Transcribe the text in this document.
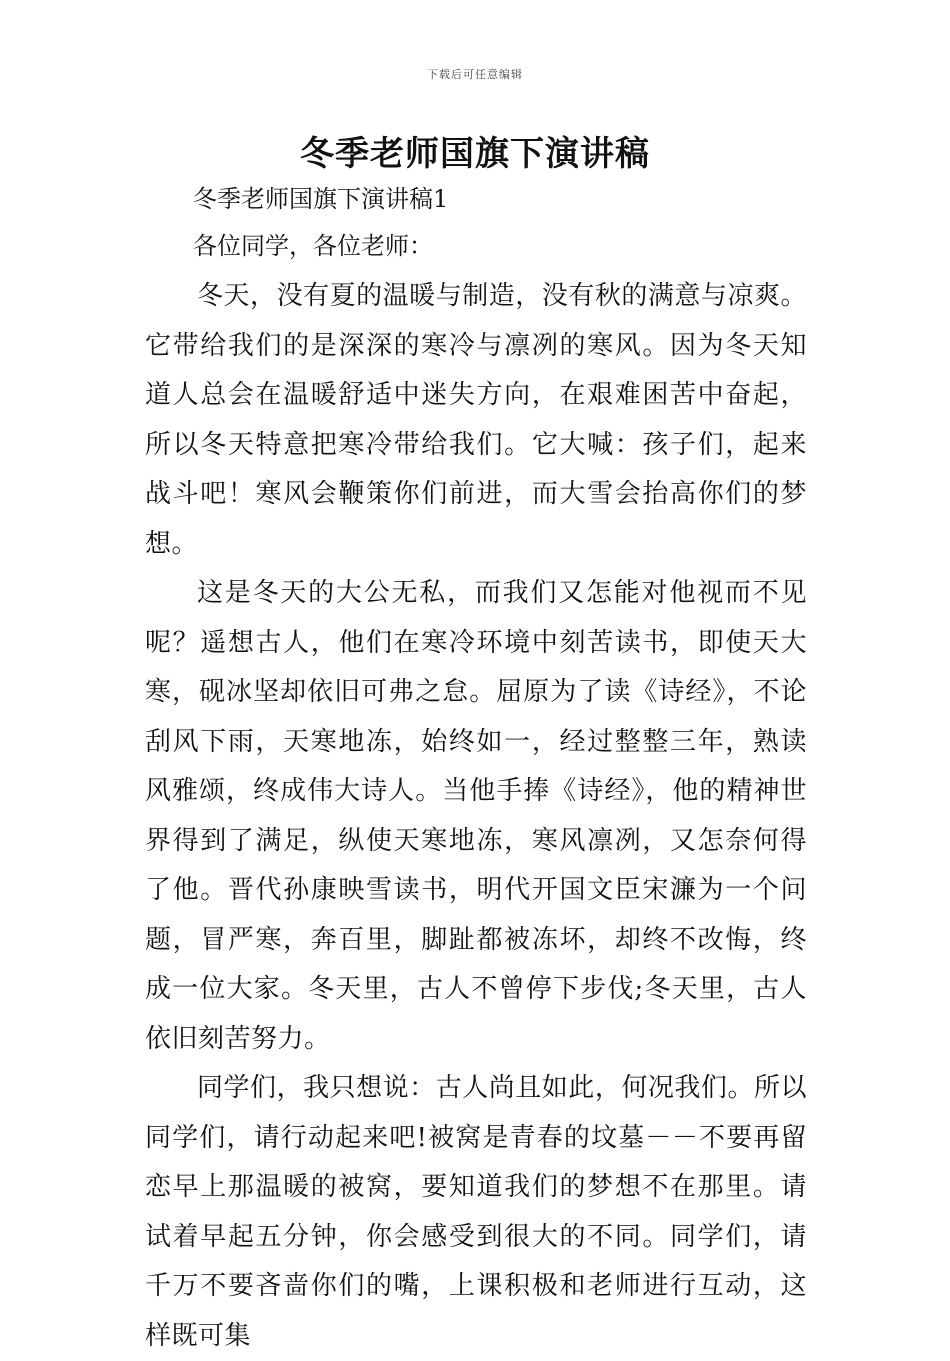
下载后可任意编辑
冬季老师国旗下演讲稿

冬季老师国旗下演讲稿1

各位同学，各位老师：

冬天，没有夏的温暖与制造，没有秋的满意与凉爽。它带给我们的是深深的寒冷与凛冽的寒风。因为冬天知道人总会在温暖舒适中迷失方向，在艰难困苦中奋起，所以冬天特意把寒冷带给我们。它大喊：孩子们，起来战斗吧！寒风会鞭策你们前进，而大雪会抬高你们的梦想。

这是冬天的大公无私，而我们又怎能对他视而不见呢？遥想古人，他们在寒冷环境中刻苦读书，即使天大寒，砚冰坚却依旧可弗之怠。屈原为了读《诗经》，不论刮风下雨，天寒地冻，始终如一，经过整整三年，熟读风雅颂，终成伟大诗人。当他手捧《诗经》，他的精神世界得到了满足，纵使天寒地冻，寒风凛冽，又怎奈何得了他。晋代孙康映雪读书，明代开国文臣宋濂为一个问题，冒严寒，奔百里，脚趾都被冻坏，却终不改悔，终成一位大家。冬天里，古人不曾停下步伐;冬天里，古人依旧刻苦努力。

同学们，我只想说：古人尚且如此，何况我们。所以同学们，请行动起来吧!被窝是青春的坟墓－－不要再留恋早上那温暖的被窝，要知道我们的梦想不在那里。请试着早起五分钟，你会感受到很大的不同。同学们，请千万不要吝啬你们的嘴，上课积极和老师进行互动，这样既可集
